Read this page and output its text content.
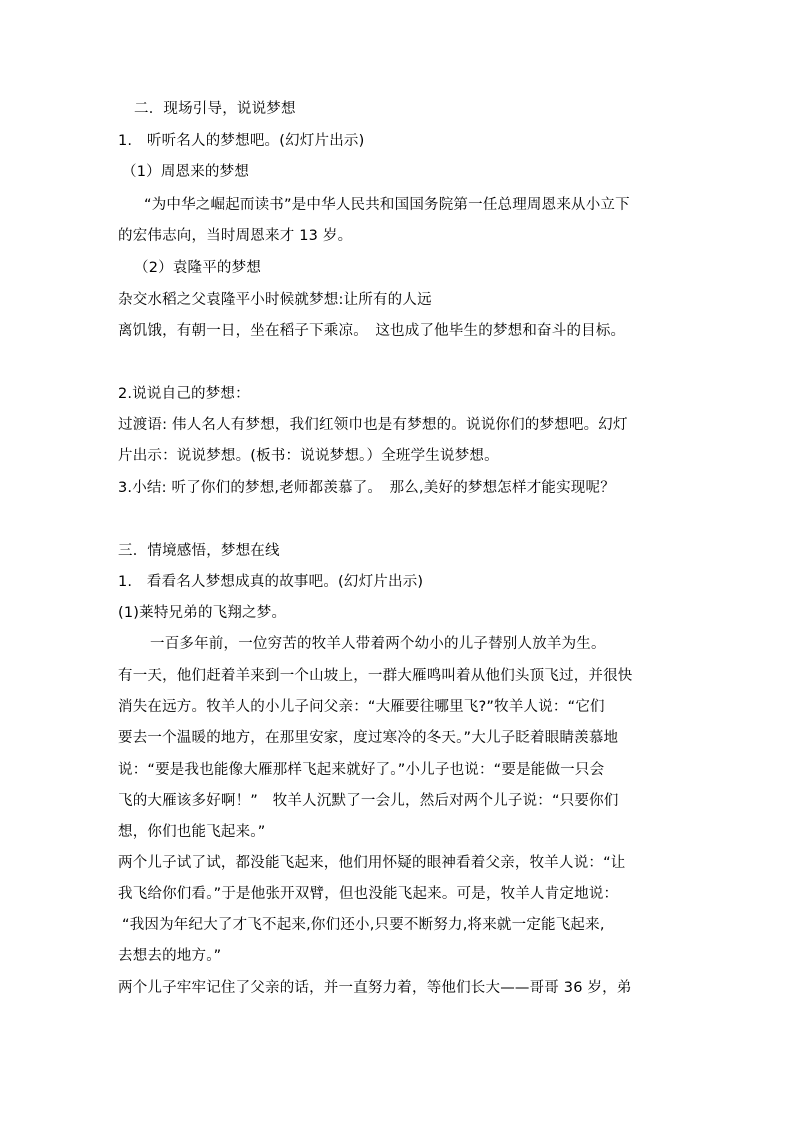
二．现场引导，说说梦想
1.　听听名人的梦想吧。(幻灯片出示)
（1）周恩来的梦想
“为中华之崛起而读书”是中华人民共和国国务院第一任总理周恩来从小立下
的宏伟志向，当时周恩来才 13 岁。
（2）袁隆平的梦想
杂交水稻之父袁隆平小时候就梦想:让所有的人远
离饥饿，有朝一日，坐在稻子下乘凉。　这也成了他毕生的梦想和奋斗的目标。
2.说说自己的梦想：
过渡语: 伟人名人有梦想，我们红领巾也是有梦想的。说说你们的梦想吧。幻灯
片出示：说说梦想。(板书：说说梦想。）全班学生说梦想。
3.小结: 听了你们的梦想,老师都羡慕了。　那么,美好的梦想怎样才能实现呢？
三．情境感悟，梦想在线
1.　看看名人梦想成真的故事吧。(幻灯片出示)
(1)莱特兄弟的飞翔之梦。
一百多年前，一位穷苦的牧羊人带着两个幼小的儿子替别人放羊为生。
有一天，他们赶着羊来到一个山坡上，一群大雁鸣叫着从他们头顶飞过，并很快
消失在远方。牧羊人的小儿子问父亲：“大雁要往哪里飞?”牧羊人说：“它们
要去一个温暖的地方，在那里安家，度过寒冷的冬天。”大儿子眨着眼睛羡慕地
说：“要是我也能像大雁那样飞起来就好了。”小儿子也说：“要是能做一只会
飞的大雁该多好啊！”　牧羊人沉默了一会儿，然后对两个儿子说：“只要你们
想，你们也能飞起来。”
两个儿子试了试，都没能飞起来，他们用怀疑的眼神看着父亲，牧羊人说：“让
我飞给你们看。”于是他张开双臂，但也没能飞起来。可是，牧羊人肯定地说：
“我因为年纪大了才飞不起来,你们还小,只要不断努力,将来就一定能飞起来,
去想去的地方。”
两个儿子牢牢记住了父亲的话，并一直努力着，等他们长大——哥哥 36 岁，弟
